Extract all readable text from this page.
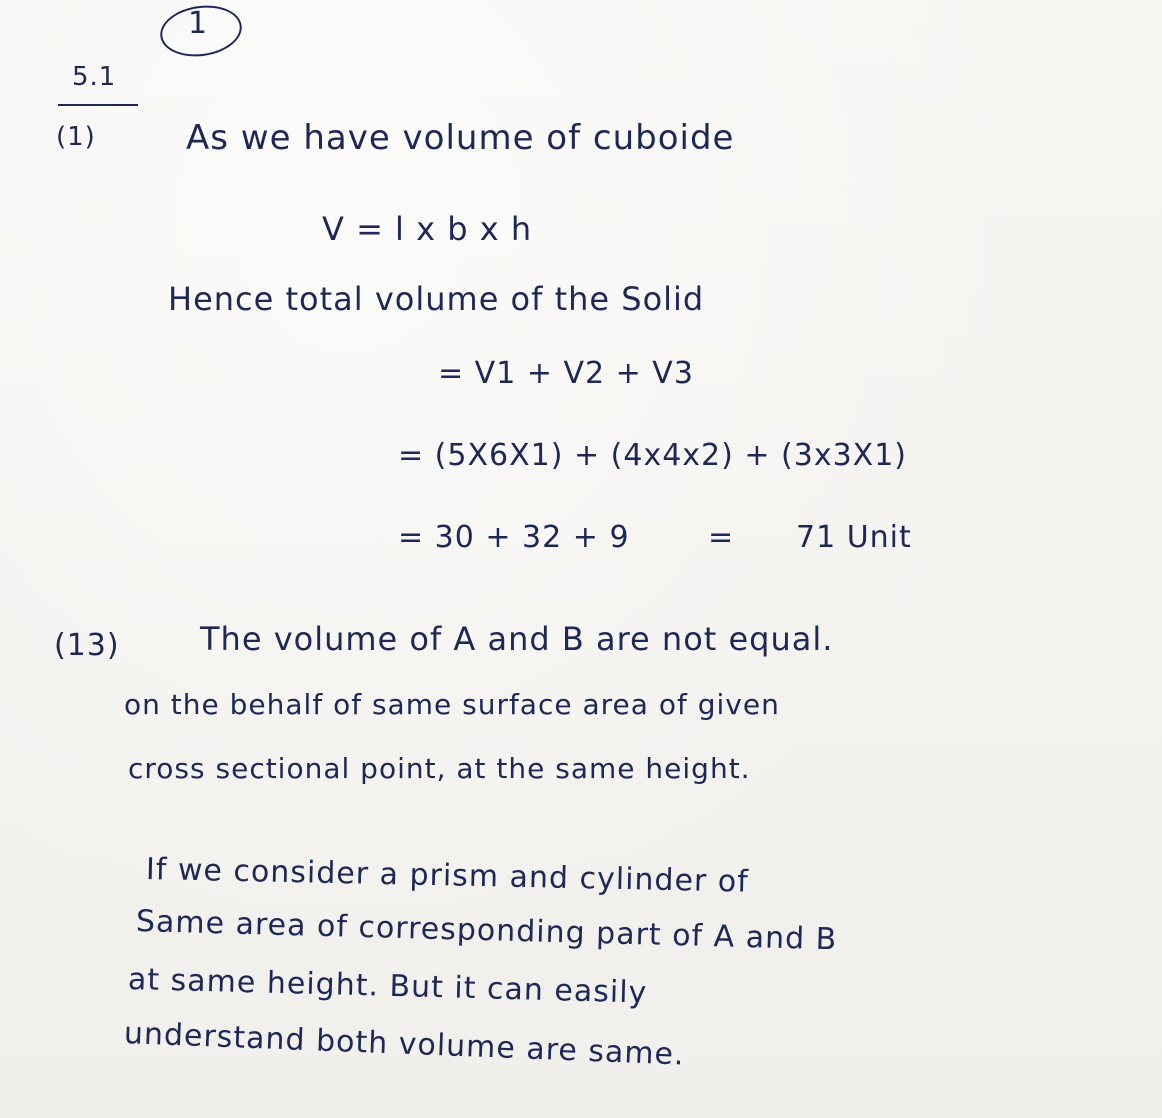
1
5.1
(1)	As we have volume of cuboide
V = l x b x h
Hence total volume of the Solid
= V1 + V2 + V3
= (5X6X1) + (4x4x2) + (3x3X1)
= 30 + 32 + 9	= 71 Unit
(13)	The volume of A and B are not equal.
on the behalf of same surface area of given
cross sectional point, at the same height.
If we consider a prism and cylinder of
Same area of corresponding part of A and B
at same height. But it can easily
understand both volume are same.
